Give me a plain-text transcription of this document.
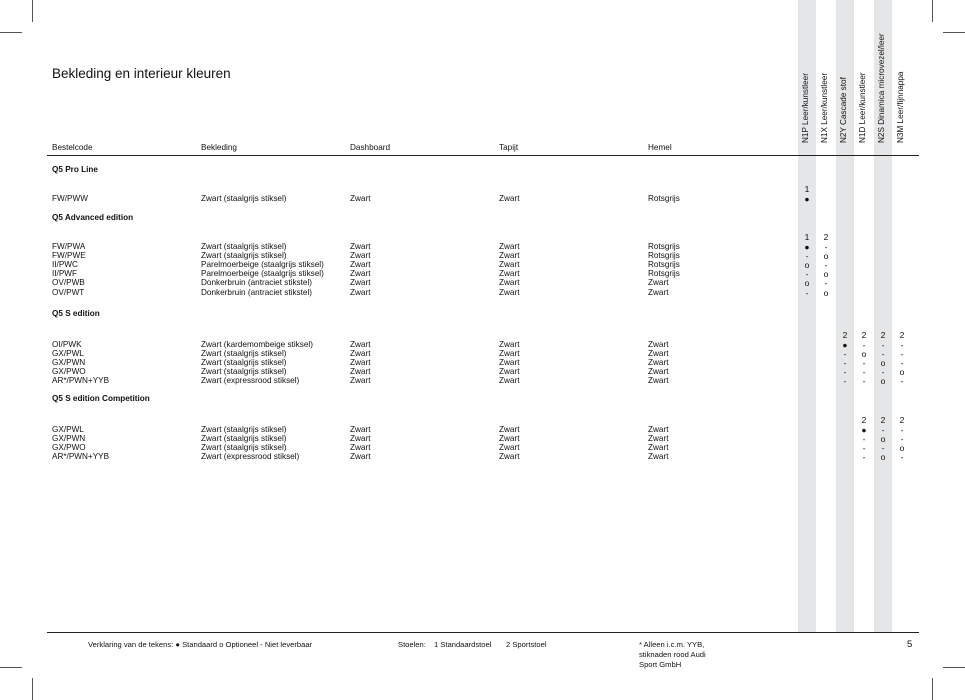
Bekleding en interieur kleuren
Bestelcode	Bekleding	Dashboard	Tapijt	Hemel
N1P Leer/kunstleer N1X Leer/kunstleer N2Y Cascade stof N1D Leer/kunstleer N2S Dinamica microvezel/leer N3M Leer/fijnnappa
Q5 Pro Line
1
FW/PWW	Zwart (staalgrijs stiksel)	Zwart	Zwart	Rotsgrijs	●
Q5 Advanced edition
1	2
FW/PWA	Zwart (staalgrijs stiksel)	Zwart	Zwart	Rotsgrijs	●	-
FW/PWE	Zwart (staalgrijs stiksel)	Zwart	Zwart	Rotsgrijs	-	o
II/PWC	Parelmoerbeige (staalgrijs stiksel)	Zwart	Zwart	Rotsgrijs	o	-
II/PWF	Parelmoerbeige (staalgrijs stiksel)	Zwart	Zwart	Rotsgrijs	-	o
OV/PWB	Donkerbruin (antraciet stikstel)	Zwart	Zwart	Zwart	o	-
OV/PWT	Donkerbruin (antraciet stikstel)	Zwart	Zwart	Zwart	-	o
Q5 S edition
2	2	2	2
OI/PWK	Zwart (kardemombeige stiksel)	Zwart	Zwart	Zwart	●	-	-	-
GX/PWL	Zwart (staalgrijs stiksel)	Zwart	Zwart	Zwart	-	o	-	-
GX/PWN	Zwart (staalgrijs stiksel)	Zwart	Zwart	Zwart	-	-	o	-
GX/PWO	Zwart (staalgrijs stiksel)	Zwart	Zwart	Zwart	-	-	-	o
AR*/PWN+YYB	Zwart (expressrood stiksel)	Zwart	Zwart	Zwart	-	-	o	-
Q5 S edition Competition
2	2	2
GX/PWL	Zwart (staalgrijs stiksel)	Zwart	Zwart	Zwart	●	-	-
GX/PWN	Zwart (staalgrijs stiksel)	Zwart	Zwart	Zwart	-	o	-
GX/PWO	Zwart (staalgrijs stiksel)	Zwart	Zwart	Zwart	-	-	o
AR*/PWN+YYB	Zwart (expressrood stiksel)	Zwart	Zwart	Zwart	-	o	-
Verklaring van de tekens: ● Standaard o Optioneel - Niet leverbaar	Stoelen: 1 Standaardstoel 2 Sportstoel	* Alleen i.c.m. YYB,
stiknaden rood Audi
Sport GmbH
5
